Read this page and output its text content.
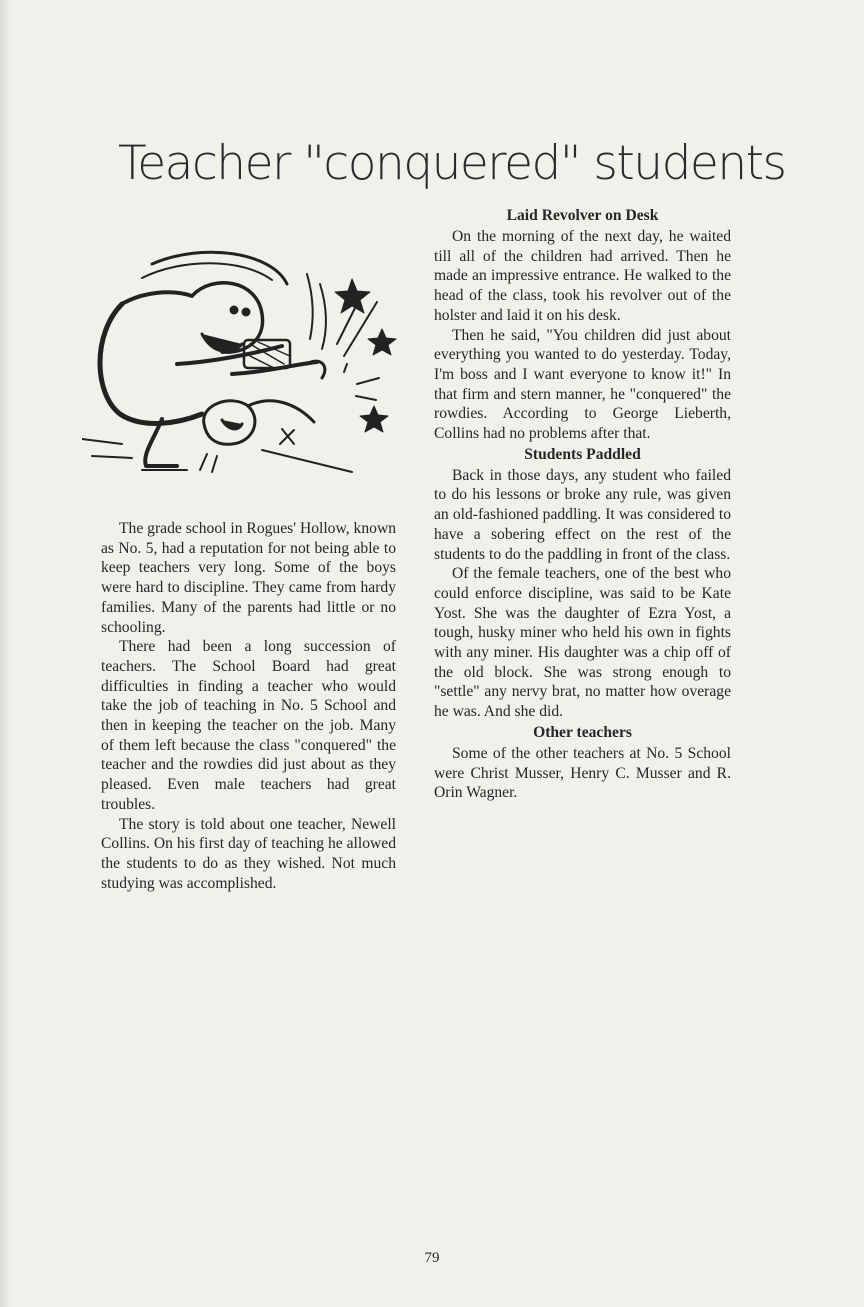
Teacher "conquered" students

The grade school in Rogues' Hollow, known as No. 5, had a reputation for not being able to keep teachers very long. Some of the boys were hard to discipline. They came from hardy families. Many of the parents had little or no schooling.

There had been a long succession of teachers. The School Board had great difficulties in finding a teacher who would take the job of teaching in No. 5 School and then in keeping the teacher on the job. Many of them left because the class "conquered" the teacher and the rowdies did just about as they pleased. Even male teachers had great troubles.

The story is told about one teacher, Newell Collins. On his first day of teaching he allowed the students to do as they wished. Not much studying was accomplished.

Laid Revolver on Desk

On the morning of the next day, he waited till all of the children had arrived. Then he made an impressive entrance. He walked to the head of the class, took his revolver out of the holster and laid it on his desk.

Then he said, "You children did just about everything you wanted to do yesterday. Today, I'm boss and I want everyone to know it!" In that firm and stern manner, he "conquered" the rowdies. According to George Lieberth, Collins had no problems after that.

Students Paddled

Back in those days, any student who failed to do his lessons or broke any rule, was given an old-fashioned paddling. It was considered to have a sobering effect on the rest of the students to do the paddling in front of the class.

Of the female teachers, one of the best who could enforce discipline, was said to be Kate Yost. She was the daughter of Ezra Yost, a tough, husky miner who held his own in fights with any miner. His daughter was a chip off of the old block. She was strong enough to "settle" any nervy brat, no matter how overage he was. And she did.

Other teachers

Some of the other teachers at No. 5 School were Christ Musser, Henry C. Musser and R. Orin Wagner.

79
